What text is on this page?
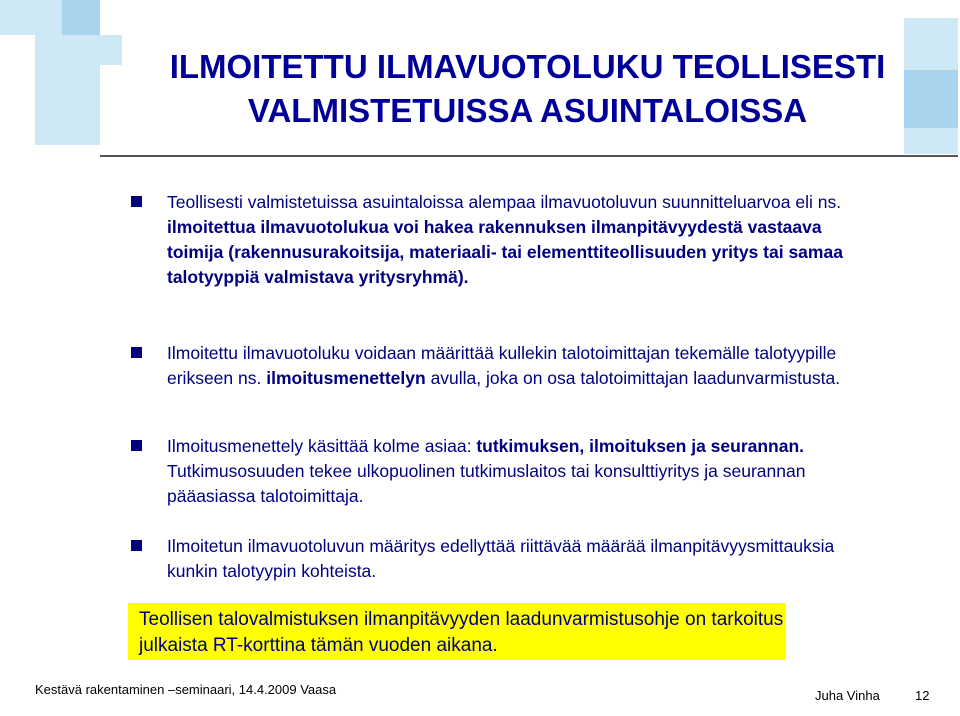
ILMOITETTU ILMAVUOTOLUKU TEOLLISESTI
VALMISTETUISSA ASUINTALOISSA
Teollisesti valmistetuissa asuintaloissa alempaa ilmavuotoluvun suunnitteluarvoa eli ns. ilmoitettua ilmavuotolukua voi hakea rakennuksen ilmanpitävyydestä vastaava toimija (rakennusurakoitsija, materiaali- tai elementtiteollisuuden yritys tai samaa talotyyppiä valmistava yritysryhmä).
Ilmoitettu ilmavuotoluku voidaan määrittää kullekin talotoimittajan tekemälle talotyypille erikseen ns. ilmoitusmenettelyn avulla, joka on osa talotoimittajan laadunvarmistusta.
Ilmoitusmenettely käsittää kolme asiaa: tutkimuksen, ilmoituksen ja seurannan. Tutkimusosuuden tekee ulkopuolinen tutkimuslaitos tai konsulttiyritys ja seurannan pääasiassa talotoimittaja.
Ilmoitetun ilmavuotoluvun määritys edellyttää riittävää määrää ilmanpitävyysmittauksia kunkin talotyypin kohteista.
Teollisen talovalmistuksen ilmanpitävyyden laadunvarmistusohje on tarkoitus julkaista RT-korttina tämän vuoden aikana.
Kestävä rakentaminen –seminaari, 14.4.2009 Vaasa	Juha Vinha	12
